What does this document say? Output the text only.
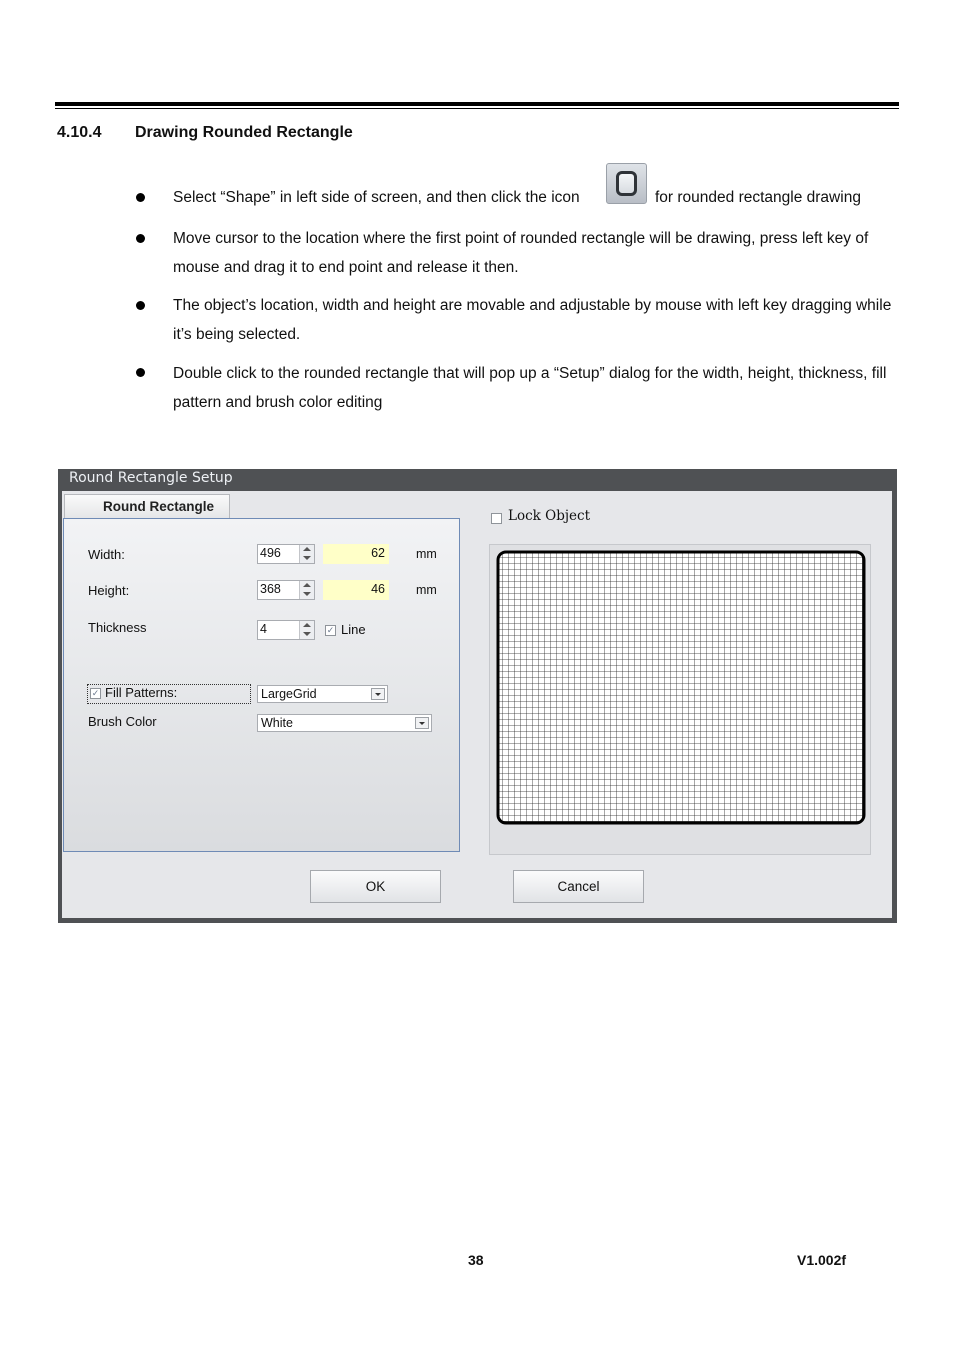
4.10.4 Drawing Rounded Rectangle
Select “Shape” in left side of screen, and then click the icon	for rounded rectangle drawing
Move cursor to the location where the first point of rounded rectangle will be drawing, press left key of mouse and drag it to end point and release it then.
The object’s location, width and height are movable and adjustable by mouse with left key dragging while it’s being selected.
Double click to the rounded rectangle that will pop up a “Setup” dialog for the width, height, thickness, fill pattern and brush color editing
Round Rectangle Setup
Round Rectangle
Width:	496	62	mm
Height:	368	46	mm
Thickness	4	✓ Line
✓ Fill Patterns:	LargeGrid
Brush Color	White
Lock Object
OK	Cancel
38	V1.002f
